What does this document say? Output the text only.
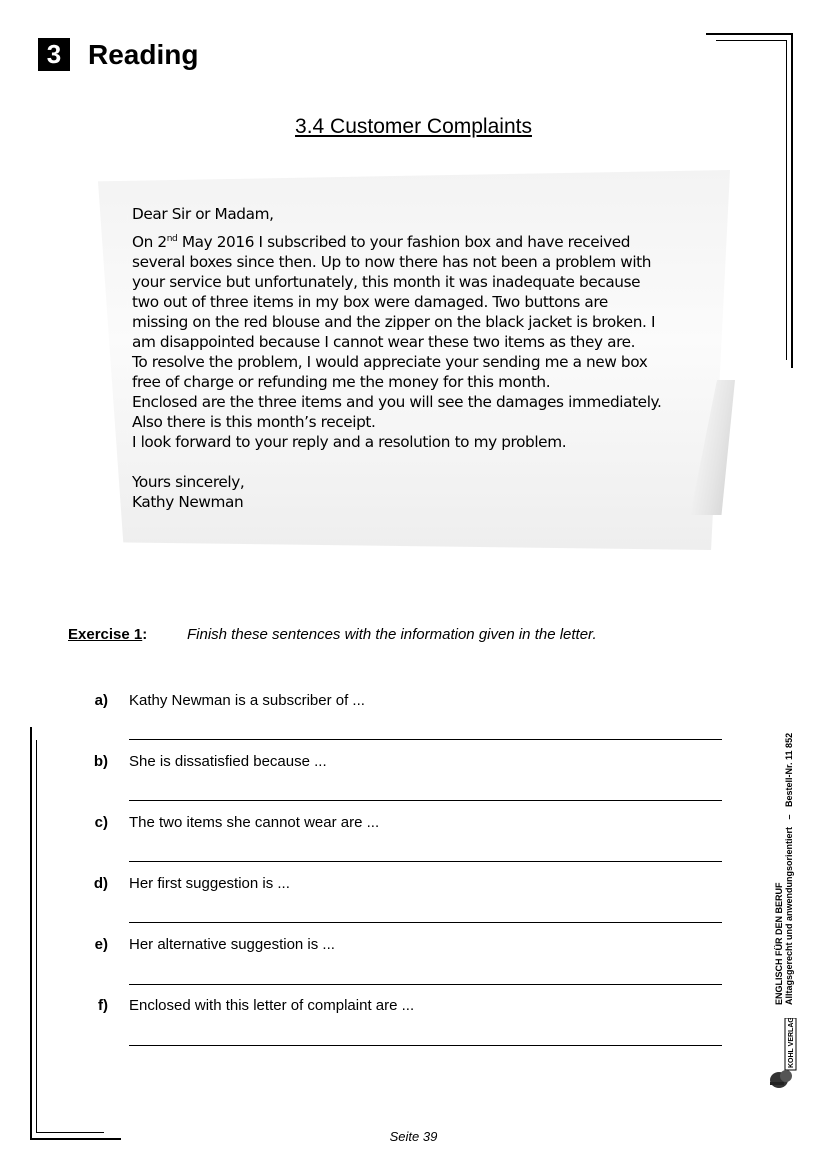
3 Reading
3.4 Customer Complaints

Dear Sir or Madam,

On 2nd May 2016 I subscribed to your fashion box and have received

several boxes since then. Up to now there has not been a problem with

your service but unfortunately, this month it was inadequate because

two out of three items in my box were damaged. Two buttons are

missing on the red blouse and the zipper on the black jacket is broken. I

am disappointed because I cannot wear these two items as they are.

To resolve the problem, I would appreciate your sending me a new box

free of charge or refunding me the money for this month.

Enclosed are the three items and you will see the damages immediately.

Also there is this month’s receipt.

I look forward to your reply and a resolution to my problem.

Yours sincerely,

Kathy Newman

Exercise 1:	Finish these sentences with the information given in the letter.
a) Kathy Newman is a subscriber of ...
b) She is dissatisfied because ...
c) The two items she cannot wear are ...
d) Her first suggestion is ...
e) Her alternative suggestion is ...
f) Enclosed with this letter of complaint are ...
Seite 39
ENGLISCH FÜR DEN BERUF Alltagsgerecht und anwendungsorientiert   –   Bestell-Nr. 11 852
KOHL VERLAG
